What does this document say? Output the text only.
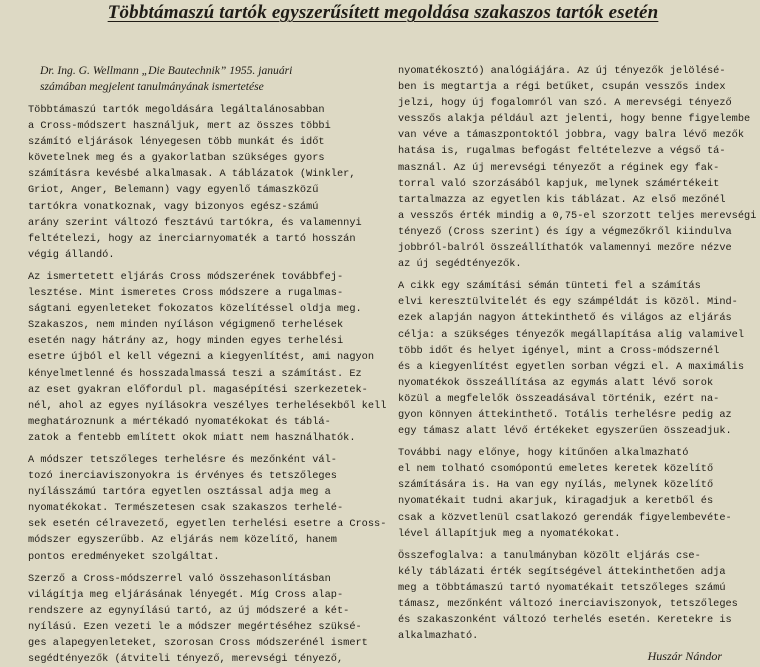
Többtámaszú tartók egyszerűsített megoldása szakaszos tartók esetén
Dr. Ing. G. Wellmann „Die Bautechnik” 1955. januári
számában megjelent tanulmányának ismertetése
Többtámaszú tartók megoldására legáltalánosabban
a Cross-módszert használjuk, mert az összes többi
számító eljárások lényegesen több munkát és időt
követelnek meg és a gyakorlatban szükséges gyors
számításra kevésbé alkalmasak. A táblázatok (Winkler,
Griot, Anger, Belemann) vagy egyenlő támaszközű
tartókra vonatkoznak, vagy bizonyos egész-számú
arány szerint változó fesztávú tartókra, és valamennyi
feltételezi, hogy az inerciarnyomaték a tartó hosszán
végig állandó.
Az ismertetett eljárás Cross módszerének továbbfej-
lesztése. Mint ismeretes Cross módszere a rugalmas-
ságtani egyenleteket fokozatos közelítéssel oldja meg.
Szakaszos, nem minden nyíláson végigmenő terhelések
esetén nagy hátrány az, hogy minden egyes terhelési
esetre újból el kell végezni a kiegyenlítést, ami nagyon
kényelmetlenné és hosszadalmassá teszi a számítást. Ez
az eset gyakran előfordul pl. magasépítési szerkezetek-
nél, ahol az egyes nyílásokra veszélyes terhelésekből kell
meghatároznunk a mértékadó nyomatékokat és táblá-
zatok a fentebb említett okok miatt nem használhatók.
A módszer tetszőleges terhelésre és mezőnként vál-
tozó inerciaviszonyokra is érvényes és tetszőleges
nyílásszámú tartóra egyetlen osztással adja meg a
nyomatékokat. Természetesen csak szakaszos terhelé-
sek esetén célravezető, egyetlen terhelési esetre a Cross-
módszer egyszerűbb. Az eljárás nem közelítő, hanem
pontos eredményeket szolgáltat.
Szerző a Cross-módszerrel való összehasonlításban
világítja meg eljárásának lényegét. Míg Cross alap-
rendszere az egynyílású tartó, az új módszeré a két-
nyílású. Ezen vezeti le a módszer megértéséhez szüksé-
ges alapegyenleteket, szorosan Cross módszerénél ismert
segédtényezők (átviteli tényező, merevségi tényező,
nyomatékosztó) analógiájára. Az új tényezők jelölésé-
ben is megtartja a régi betűket, csupán vesszős index
jelzi, hogy új fogalomról van szó. A merevségi tényező
vesszős alakja például azt jelenti, hogy benne figyelembe
van véve a támaszpontoktól jobbra, vagy balra lévő mezők
hatása is, rugalmas befogást feltételezve a végső tá-
masznál. Az új merevségi tényezőt a réginek egy fak-
torral való szorzásából kapjuk, melynek számértékeit
tartalmazza az egyetlen kis táblázat. Az első mezőnél
a vesszős érték mindig a 0,75-el szorzott teljes merevségi
tényező (Cross szerint) és így a végmezőkről kiindulva
jobbról-balról összeállíthatók valamennyi mezőre nézve
az új segédtényezők.
A cikk egy számítási sémán tünteti fel a számítás
elvi keresztülvitelét és egy számpéldát is közöl. Mind-
ezek alapján nagyon áttekinthető és világos az eljárás
célja: a szükséges tényezők megállapítása alig valamivel
több időt és helyet igényel, mint a Cross-módszernél
és a kiegyenlítést egyetlen sorban végzi el. A maximális
nyomatékok összeállítása az egymás alatt lévő sorok
közül a megfelelők összeadásával történik, ezért na-
gyon könnyen áttekinthető. Totális terhelésre pedig az
egy támasz alatt lévő értékeket egyszerűen összeadjuk.
További nagy előnye, hogy kitűnően alkalmazható
el nem tolható csomópontú emeletes keretek közelítő
számítására is. Ha van egy nyílás, melynek közelítő
nyomatékait tudni akarjuk, kiragadjuk a keretből és
csak a közvetlenül csatlakozó gerendák figyelembevéte-
lével állapítjuk meg a nyomatékokat.
Összefoglalva: a tanulmányban közölt eljárás cse-
kély táblázati érték segítségével áttekinthetően adja
meg a többtámaszú tartó nyomatékait tetszőleges számú
támasz, mezőnként változó inerciaviszonyok, tetszőleges
és szakaszonként változó terhelés esetén. Keretekre is
alkalmazható.
Huszár Nándor
